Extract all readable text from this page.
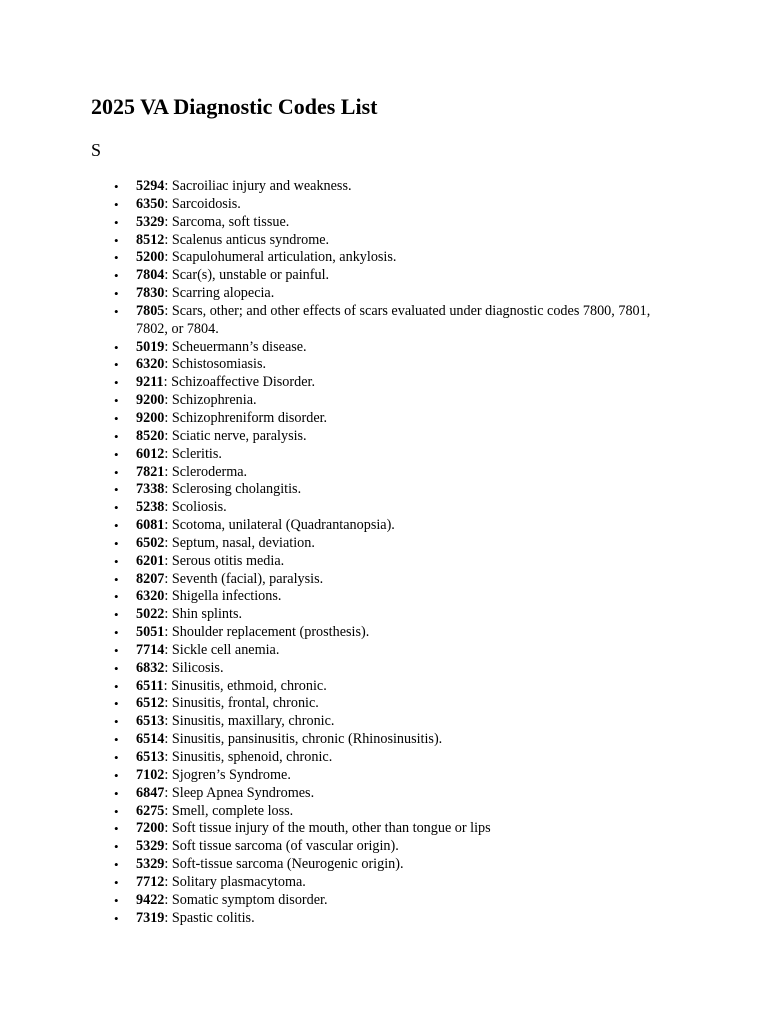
2025 VA Diagnostic Codes List
S
• 5294: Sacroiliac injury and weakness.
• 6350: Sarcoidosis.
• 5329: Sarcoma, soft tissue.
• 8512: Scalenus anticus syndrome.
• 5200: Scapulohumeral articulation, ankylosis.
• 7804: Scar(s), unstable or painful.
• 7830: Scarring alopecia.
• 7805: Scars, other; and other effects of scars evaluated under diagnostic codes 7800, 7801, 7802, or 7804.
• 5019: Scheuermann’s disease.
• 6320: Schistosomiasis.
• 9211: Schizoaffective Disorder.
• 9200: Schizophrenia.
• 9200: Schizophreniform disorder.
• 8520: Sciatic nerve, paralysis.
• 6012: Scleritis.
• 7821: Scleroderma.
• 7338: Sclerosing cholangitis.
• 5238: Scoliosis.
• 6081: Scotoma, unilateral (Quadrantanopsia).
• 6502: Septum, nasal, deviation.
• 6201: Serous otitis media.
• 8207: Seventh (facial), paralysis.
• 6320: Shigella infections.
• 5022: Shin splints.
• 5051: Shoulder replacement (prosthesis).
• 7714: Sickle cell anemia.
• 6832: Silicosis.
• 6511: Sinusitis, ethmoid, chronic.
• 6512: Sinusitis, frontal, chronic.
• 6513: Sinusitis, maxillary, chronic.
• 6514: Sinusitis, pansinusitis, chronic (Rhinosinusitis).
• 6513: Sinusitis, sphenoid, chronic.
• 7102: Sjogren’s Syndrome.
• 6847: Sleep Apnea Syndromes.
• 6275: Smell, complete loss.
• 7200: Soft tissue injury of the mouth, other than tongue or lips
• 5329: Soft tissue sarcoma (of vascular origin).
• 5329: Soft-tissue sarcoma (Neurogenic origin).
• 7712: Solitary plasmacytoma.
• 9422: Somatic symptom disorder.
• 7319: Spastic colitis.
